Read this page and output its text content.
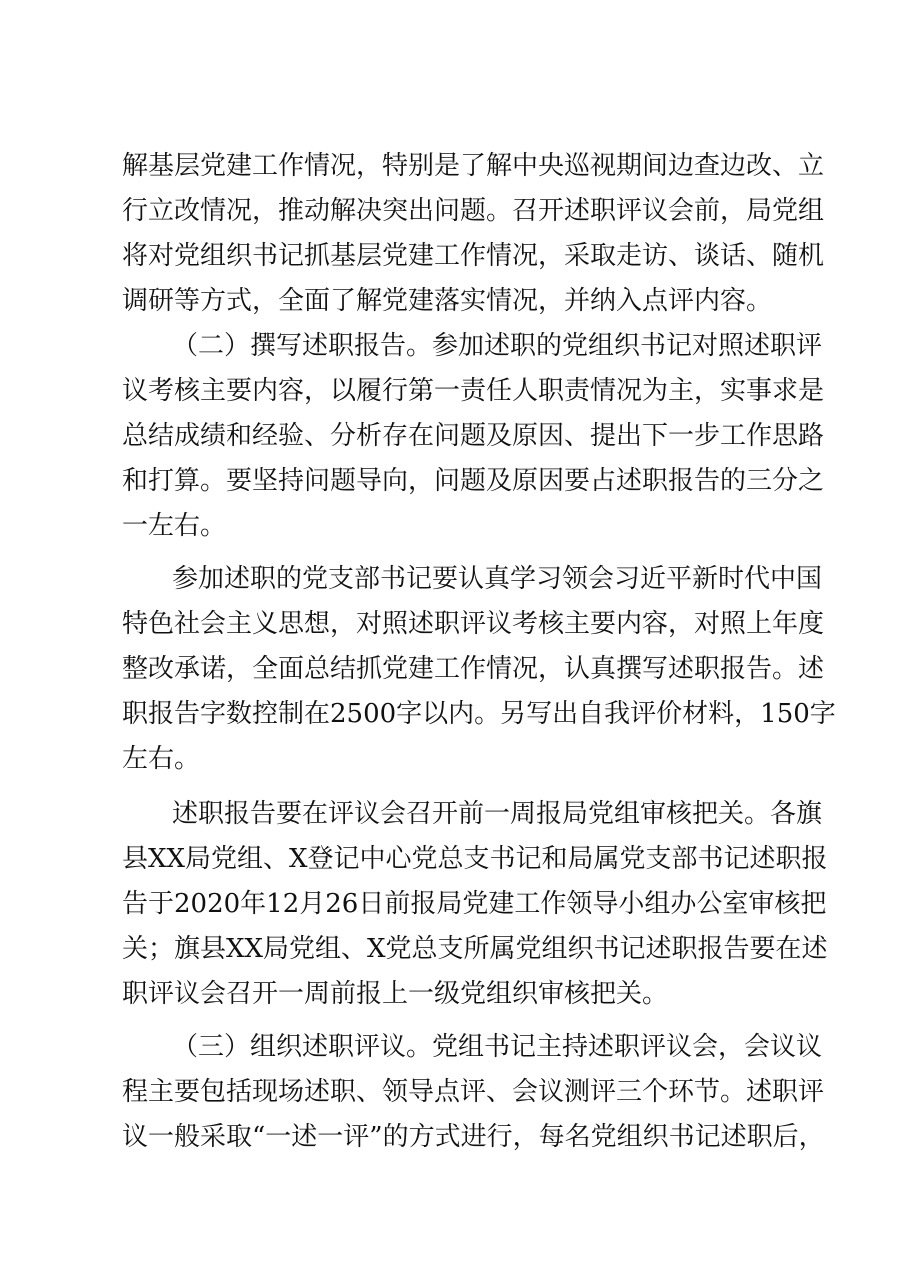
解基层党建工作情况，特别是了解中央巡视期间边查边改、立
行立改情况，推动解决突出问题。召开述职评议会前，局党组
将对党组织书记抓基层党建工作情况，采取走访、谈话、随机
调研等方式，全面了解党建落实情况，并纳入点评内容。
（二）撰写述职报告。参加述职的党组织书记对照述职评
议考核主要内容，以履行第一责任人职责情况为主，实事求是
总结成绩和经验、分析存在问题及原因、提出下一步工作思路
和打算。要坚持问题导向，问题及原因要占述职报告的三分之
一左右。
参加述职的党支部书记要认真学习领会习近平新时代中国
特色社会主义思想，对照述职评议考核主要内容，对照上年度
整改承诺，全面总结抓党建工作情况，认真撰写述职报告。述
职报告字数控制在2500字以内。另写出自我评价材料，150字
左右。
述职报告要在评议会召开前一周报局党组审核把关。各旗
县XX局党组、X登记中心党总支书记和局属党支部书记述职报
告于2020年12月26日前报局党建工作领导小组办公室审核把
关；旗县XX局党组、X党总支所属党组织书记述职报告要在述
职评议会召开一周前报上一级党组织审核把关。
（三）组织述职评议。党组书记主持述职评议会，会议议
程主要包括现场述职、领导点评、会议测评三个环节。述职评
议一般采取“一述一评”的方式进行，每名党组织书记述职后，
